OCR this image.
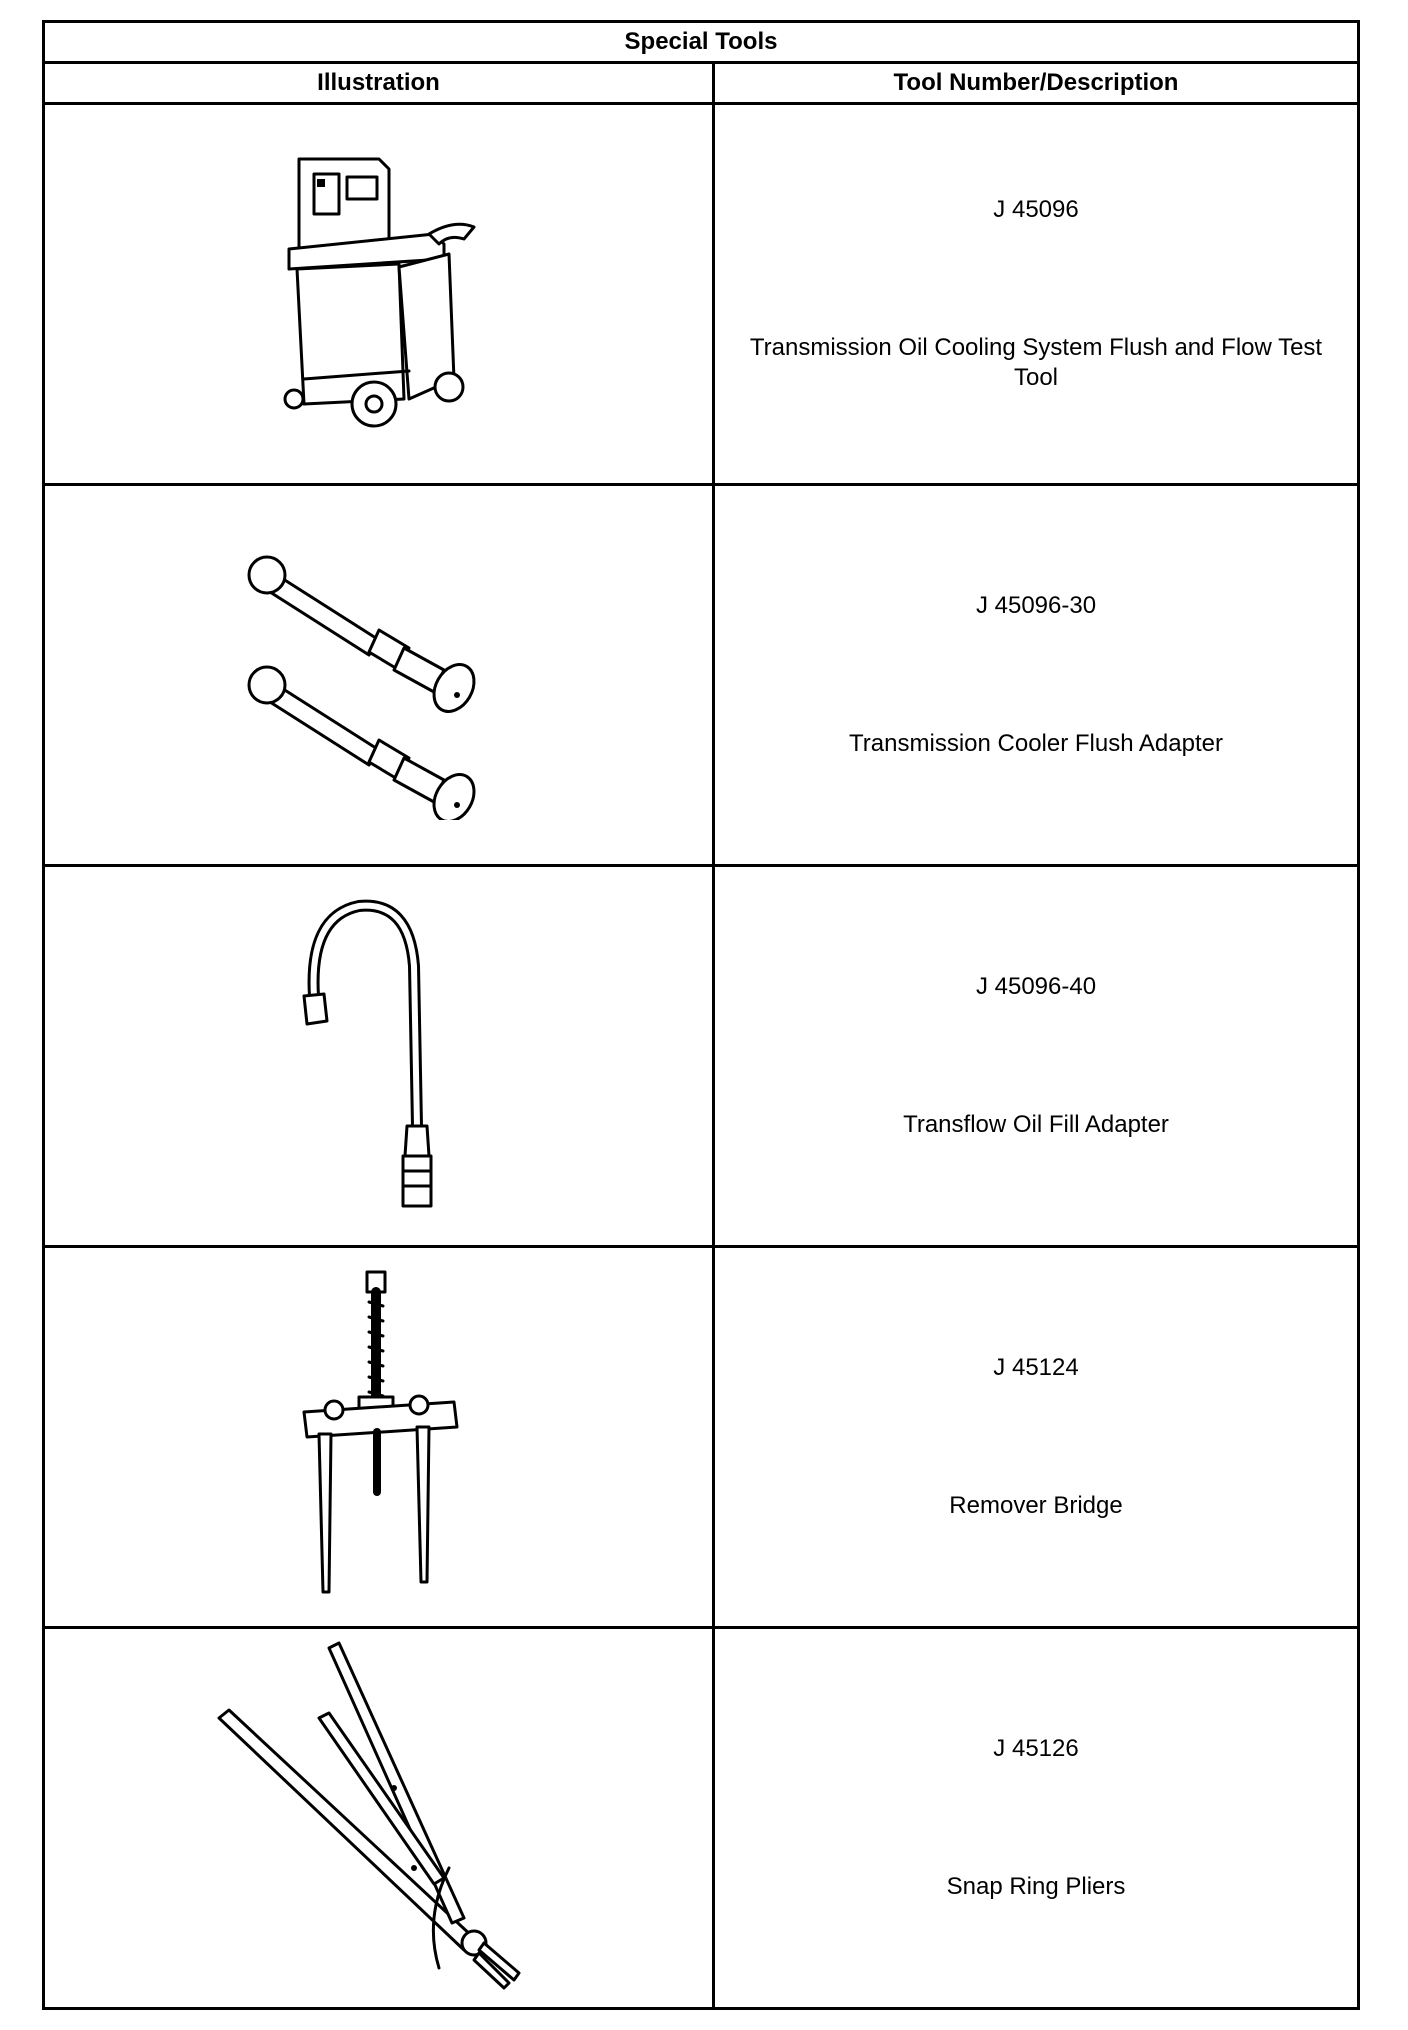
Special Tools	
Illustration	Tool Number/Description

J 45096
Transmission Oil Cooling System Flush and Flow Test Tool

J 45096-30
Transmission Cooler Flush Adapter

J 45096-40
Transflow Oil Fill Adapter

J 45124
Remover Bridge

J 45126
Snap Ring Pliers
